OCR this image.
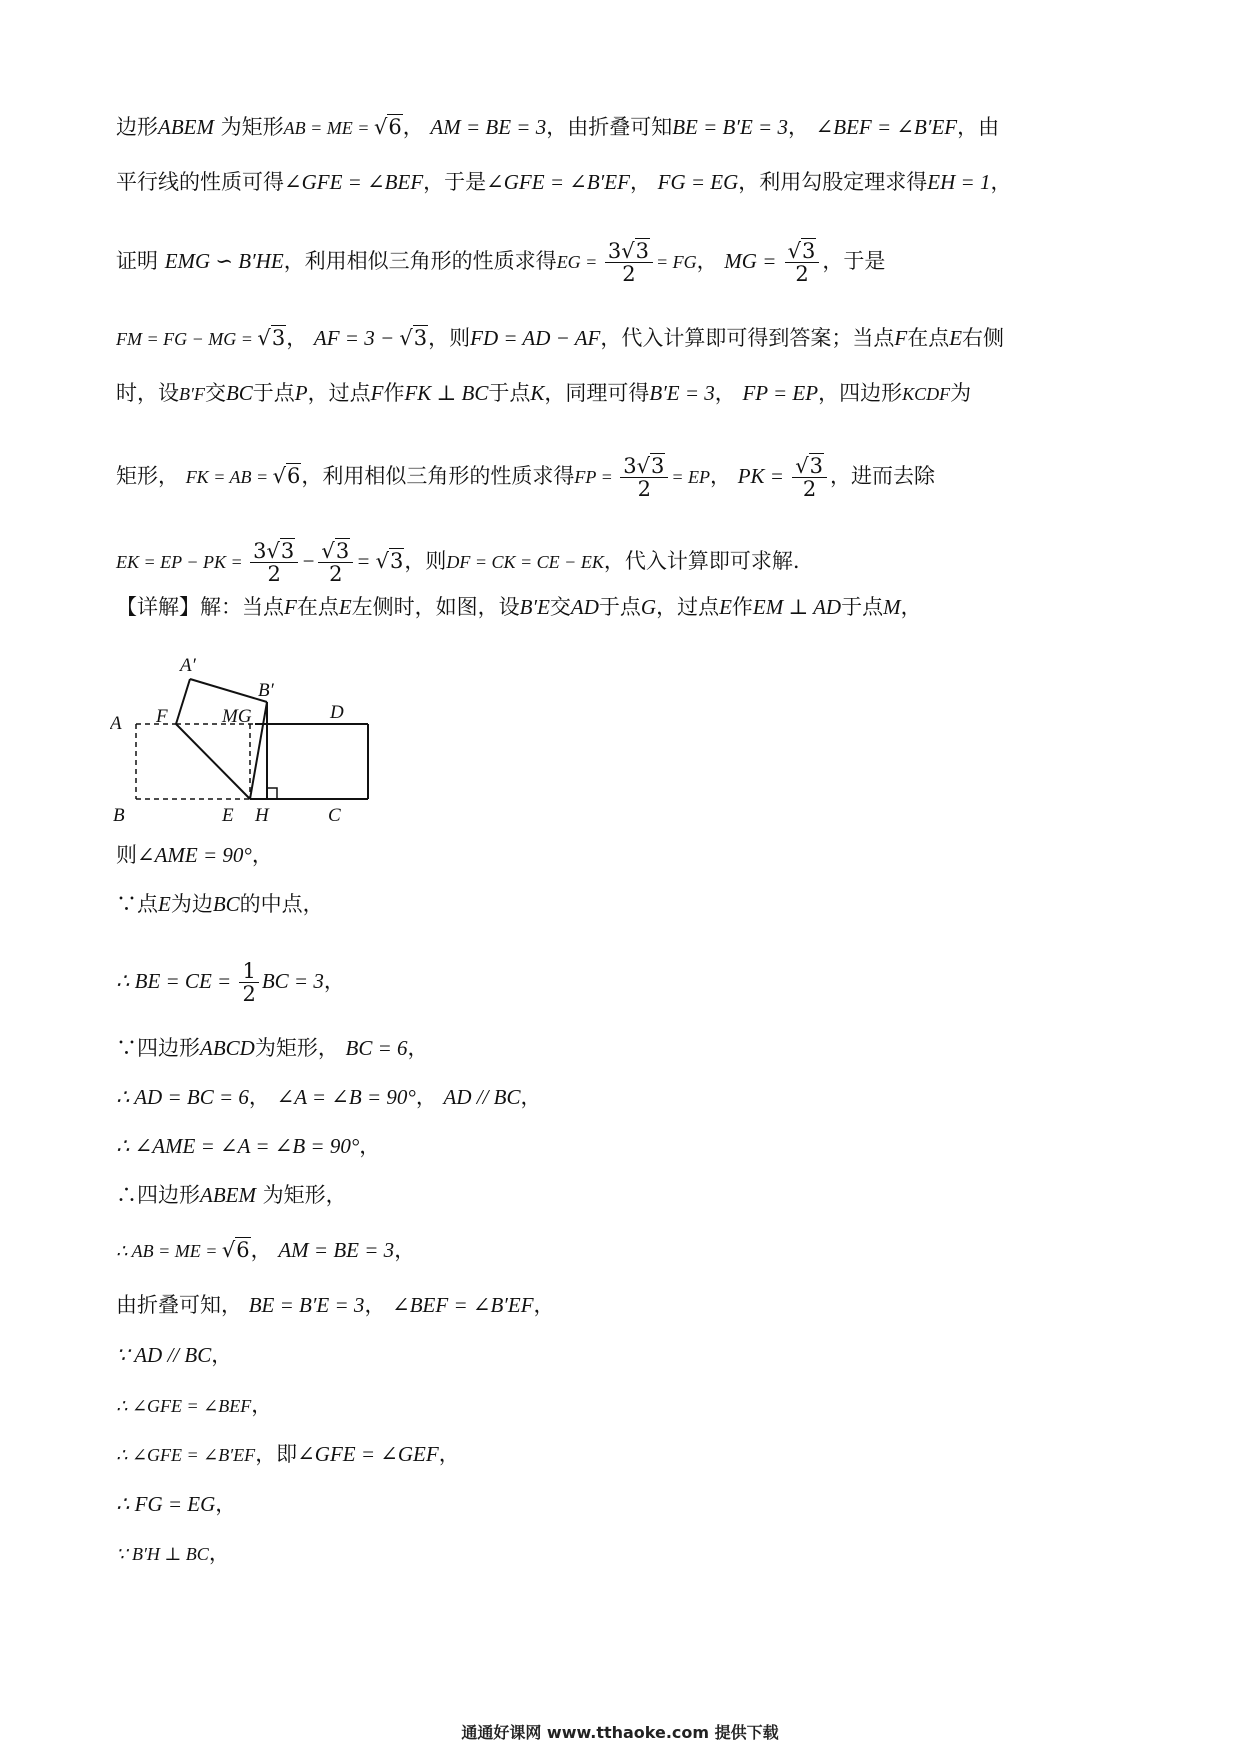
边形ABEM 为矩形AB = ME = √6， AM = BE = 3，由折叠可知BE = B′E = 3， ∠BEF = ∠B′EF，由
平行线的性质可得∠GFE = ∠BEF，于是∠GFE = ∠B′EF， FG = EG，利用勾股定理求得EH = 1，
证明 EMG ∽ B′HE，利用相似三角形的性质求得EG = $\frac{3√3}{2}$ = FG， MG = $\frac{√3}{2}$ ，于是
FM = FG − MG = √3， AF = 3 − √3，则FD = AD − AF，代入计算即可得到答案；当点F在点E右侧
时，设B′F交BC于点P，过点F作FK ⊥ BC于点K，同理可得B′E = 3， FP = EP，四边形KCDF为
矩形， FK = AB = √6，利用相似三角形的性质求得FP = $\frac{3√3}{2}$ = EP， PK = $\frac{√3}{2}$ ，进而去除
EK = EP − PK = $\frac{3√3}{2} - \frac{√3}{2} = √3$，则DF = CK = CE − EK，代入计算即可求解.
【详解】解：当点F在点E左侧时，如图，设B′E交AD于点G，过点E作EM ⊥ AD于点M，
则∠AME = 90°，
∵点E为边BC的中点，
∴ BE = CE = $\frac{1}{2}$ BC = 3，
∵四边形ABCD为矩形， BC = 6，
∴ AD = BC = 6， ∠A = ∠B = 90°， AD // BC，
∴ ∠AME = ∠A = ∠B = 90°，
∴四边形ABEM 为矩形，
∴ AB = ME = √6， AM = BE = 3，
由折叠可知， BE = B′E = 3， ∠BEF = ∠B′EF，
∵ AD // BC，
∴ ∠GFE = ∠BEF，
∴ ∠GFE = ∠B′EF，即∠GFE = ∠GEF，
∴ FG = EG，
∵ B′H ⊥ BC，
A′
B′
A F	MG	D
B	E H	C
通通好课网 www.tthaoke.com 提供下载
